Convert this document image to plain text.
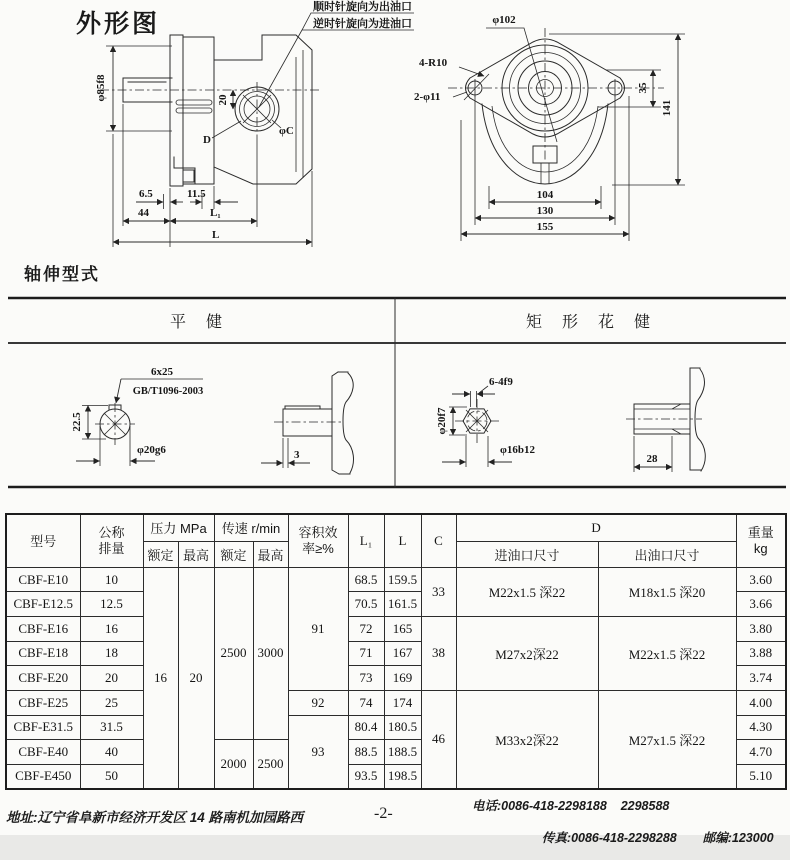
外形图
顺时针旋向为出油口
逆时针旋向为进油口
φ85f8	20
D
φC
6.5	11.5
44	L₁
L
φ102
4-R10
2-φ11
35
141
104
130
155
轴伸型式
平 健	矩 形 花 健
6x25
GB/T1096-2003
22.5
φ20g6	3
6-4f9
φ20f7
φ16b12
28
型号	
公称
排量
	压力 MPa	传速 r/min	容积效
率≥%
	L₁	L	C	D	重量
kg

		额定	最高	额定	最高					进油口尺寸	出油口尺寸	
CBF-E10	10	16	20	2500	3000	91	68.5	159.5	33	M22x1.5 深22	M18x1.5 深20	3.60
CBF-E12.5	12.5						70.5	161.5				3.66
CBF-E16	16						72	165	38	M27x2深22	M22x1.5 深22	3.80
CBF-E18	18						71	167				3.88
CBF-E20	20						73	169				3.74
CBF-E25	25					92	74	174	46	M33x2深22	M27x1.5 深22	4.00
CBF-E31.5	31.5					93	80.4	180.5				4.30
CBF-E40	40			2000	2500		88.5	188.5				4.70
CBF-E450	50						93.5	198.5				5.10
地址:辽宁省阜新市经济开发区 14 路南机加园路西	-2-	电话:0086-418-2298188    2298588

传真:0086-418-2298288 邮编:123000
